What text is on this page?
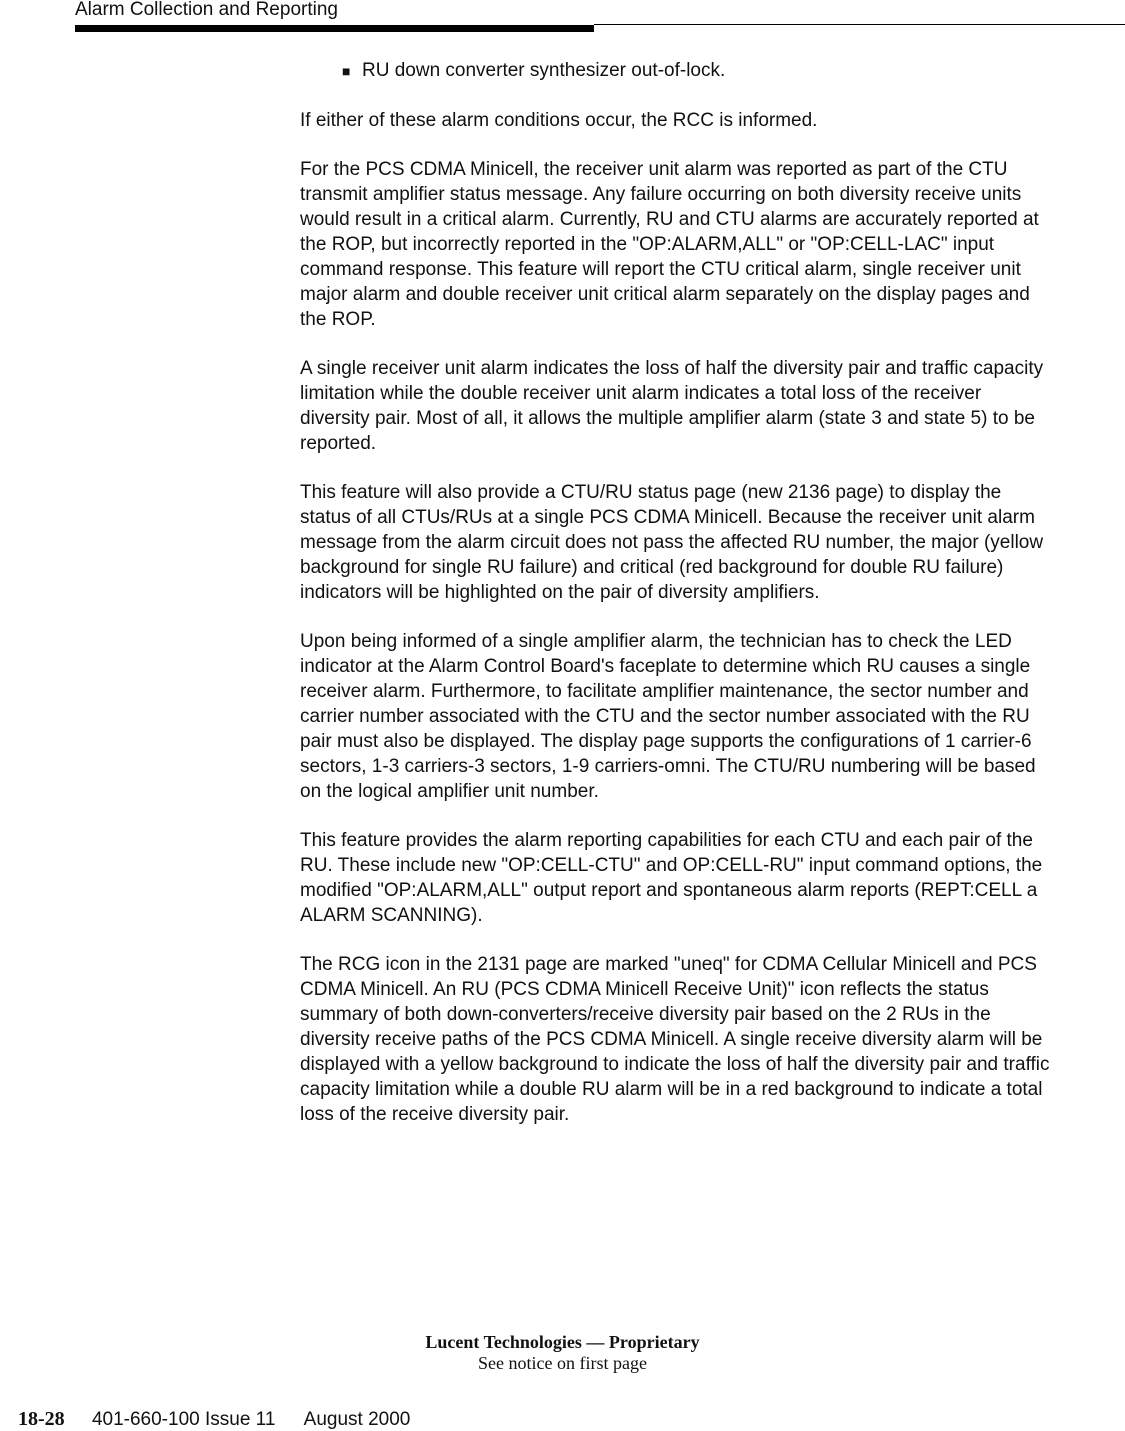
Alarm Collection and Reporting
■ RU down converter synthesizer out-of-lock.

If either of these alarm conditions occur, the RCC is informed.

For the PCS CDMA Minicell, the receiver unit alarm was reported as part of the CTU transmit amplifier status message. Any failure occurring on both diversity receive units would result in a critical alarm. Currently, RU and CTU alarms are accurately reported at the ROP, but incorrectly reported in the "OP:ALARM,ALL" or "OP:CELL-LAC" input command response. This feature will report the CTU critical alarm, single receiver unit major alarm and double receiver unit critical alarm separately on the display pages and the ROP.

A single receiver unit alarm indicates the loss of half the diversity pair and traffic capacity limitation while the double receiver unit alarm indicates a total loss of the receiver diversity pair. Most of all, it allows the multiple amplifier alarm (state 3 and state 5) to be reported.

This feature will also provide a CTU/RU status page (new 2136 page) to display the status of all CTUs/RUs at a single PCS CDMA Minicell. Because the receiver unit alarm message from the alarm circuit does not pass the affected RU number, the major (yellow background for single RU failure) and critical (red background for double RU failure) indicators will be highlighted on the pair of diversity amplifiers.

Upon being informed of a single amplifier alarm, the technician has to check the LED indicator at the Alarm Control Board's faceplate to determine which RU causes a single receiver alarm. Furthermore, to facilitate amplifier maintenance, the sector number and carrier number associated with the CTU and the sector number associated with the RU pair must also be displayed. The display page supports the configurations of 1 carrier-6 sectors, 1-3 carriers-3 sectors, 1-9 carriers-omni. The CTU/RU numbering will be based on the logical amplifier unit number.

This feature provides the alarm reporting capabilities for each CTU and each pair of the RU. These include new "OP:CELL-CTU" and OP:CELL-RU" input command options, the modified "OP:ALARM,ALL" output report and spontaneous alarm reports (REPT:CELL a ALARM SCANNING).

The RCG icon in the 2131 page are marked "uneq" for CDMA Cellular Minicell and PCS CDMA Minicell. An RU (PCS CDMA Minicell Receive Unit)" icon reflects the status summary of both down-converters/receive diversity pair based on the 2 RUs in the diversity receive paths of the PCS CDMA Minicell. A single receive diversity alarm will be displayed with a yellow background to indicate the loss of half the diversity pair and traffic capacity limitation while a double RU alarm will be in a red background to indicate a total loss of the receive diversity pair.

Lucent Technologies — Proprietary
See notice on first page
18-28 401-660-100 Issue 11 August 2000
